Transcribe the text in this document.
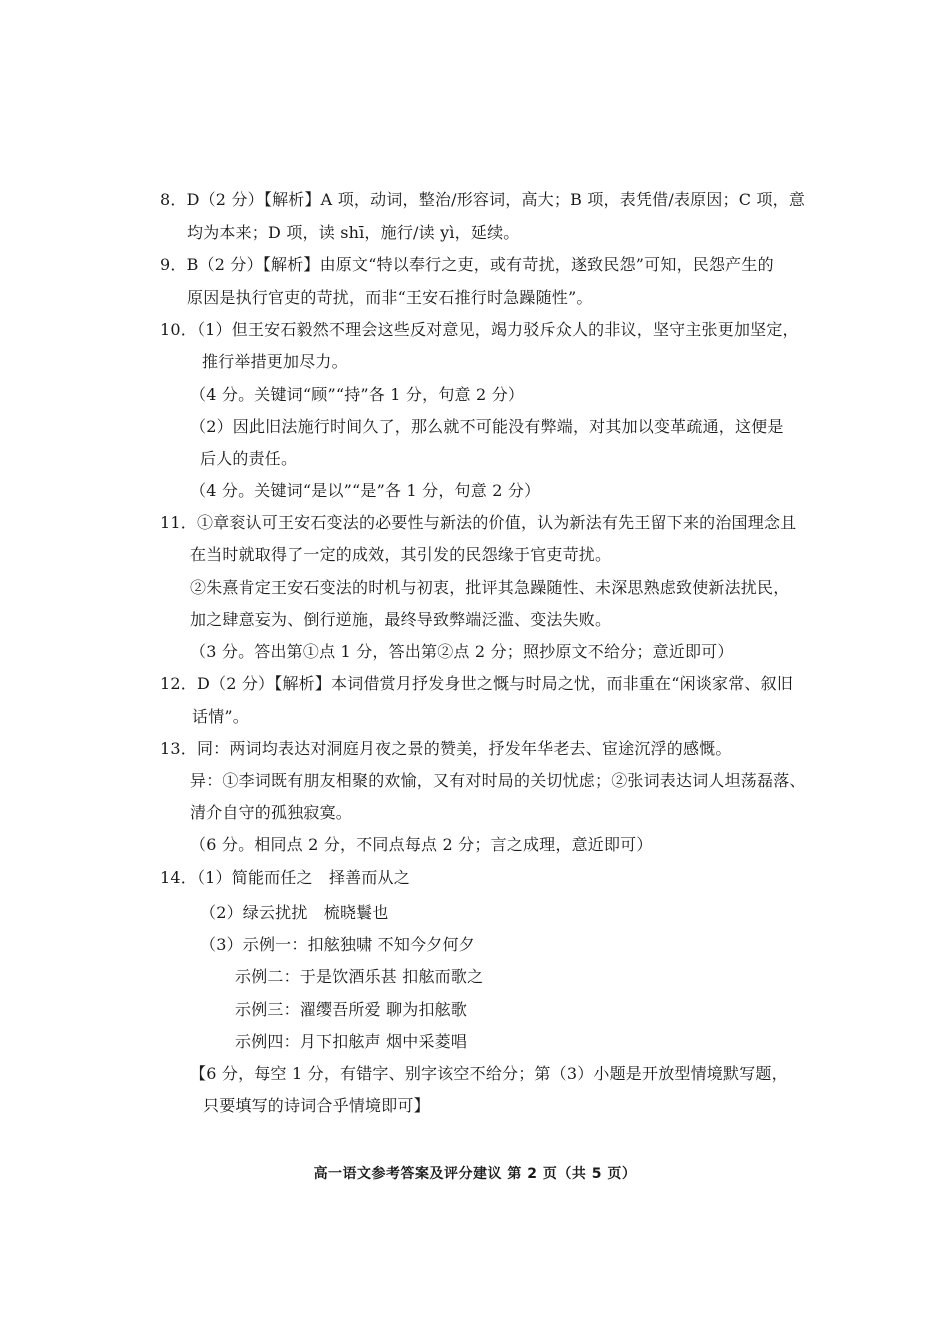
8．D（2 分）【解析】A 项，动词，整治/形容词，高大；B 项，表凭借/表原因；C 项，意
均为本来；D 项，读 shī，施行/读 yì，延续。
9．B（2 分）【解析】由原文“特以奉行之吏，或有苛扰，遂致民怨”可知，民怨产生的
原因是执行官吏的苛扰，而非“王安石推行时急躁随性”。
10．（1）但王安石毅然不理会这些反对意见，竭力驳斥众人的非议，坚守主张更加坚定，
推行举措更加尽力。
（4 分。关键词“顾”“持”各 1 分，句意 2 分）
（2）因此旧法施行时间久了，那么就不可能没有弊端，对其加以变革疏通，这便是
后人的责任。
（4 分。关键词“是以”“是”各 1 分，句意 2 分）
11．①章衮认可王安石变法的必要性与新法的价值，认为新法有先王留下来的治国理念且
在当时就取得了一定的成效，其引发的民怨缘于官吏苛扰。
②朱熹肯定王安石变法的时机与初衷，批评其急躁随性、未深思熟虑致使新法扰民，
加之肆意妄为、倒行逆施，最终导致弊端泛滥、变法失败。
（3 分。答出第①点 1 分，答出第②点 2 分；照抄原文不给分；意近即可）
12．D（2 分）【解析】本词借赏月抒发身世之慨与时局之忧，而非重在“闲谈家常、叙旧
话情”。
13．同：两词均表达对洞庭月夜之景的赞美，抒发年华老去、宦途沉浮的感慨。
异：①李词既有朋友相聚的欢愉，又有对时局的关切忧虑；②张词表达词人坦荡磊落、
清介自守的孤独寂寞。
（6 分。相同点 2 分，不同点每点 2 分；言之成理，意近即可）
14．（1）简能而任之　择善而从之
（2）绿云扰扰　梳晓鬟也
（3）示例一：扣舷独啸 不知今夕何夕
示例二：于是饮酒乐甚 扣舷而歌之
示例三：濯缨吾所爱 聊为扣舷歌
示例四：月下扣舷声 烟中采菱唱
【6 分，每空 1 分，有错字、别字该空不给分；第（3）小题是开放型情境默写题，
只要填写的诗词合乎情境即可】
高一语文参考答案及评分建议 第 2 页（共 5 页）
